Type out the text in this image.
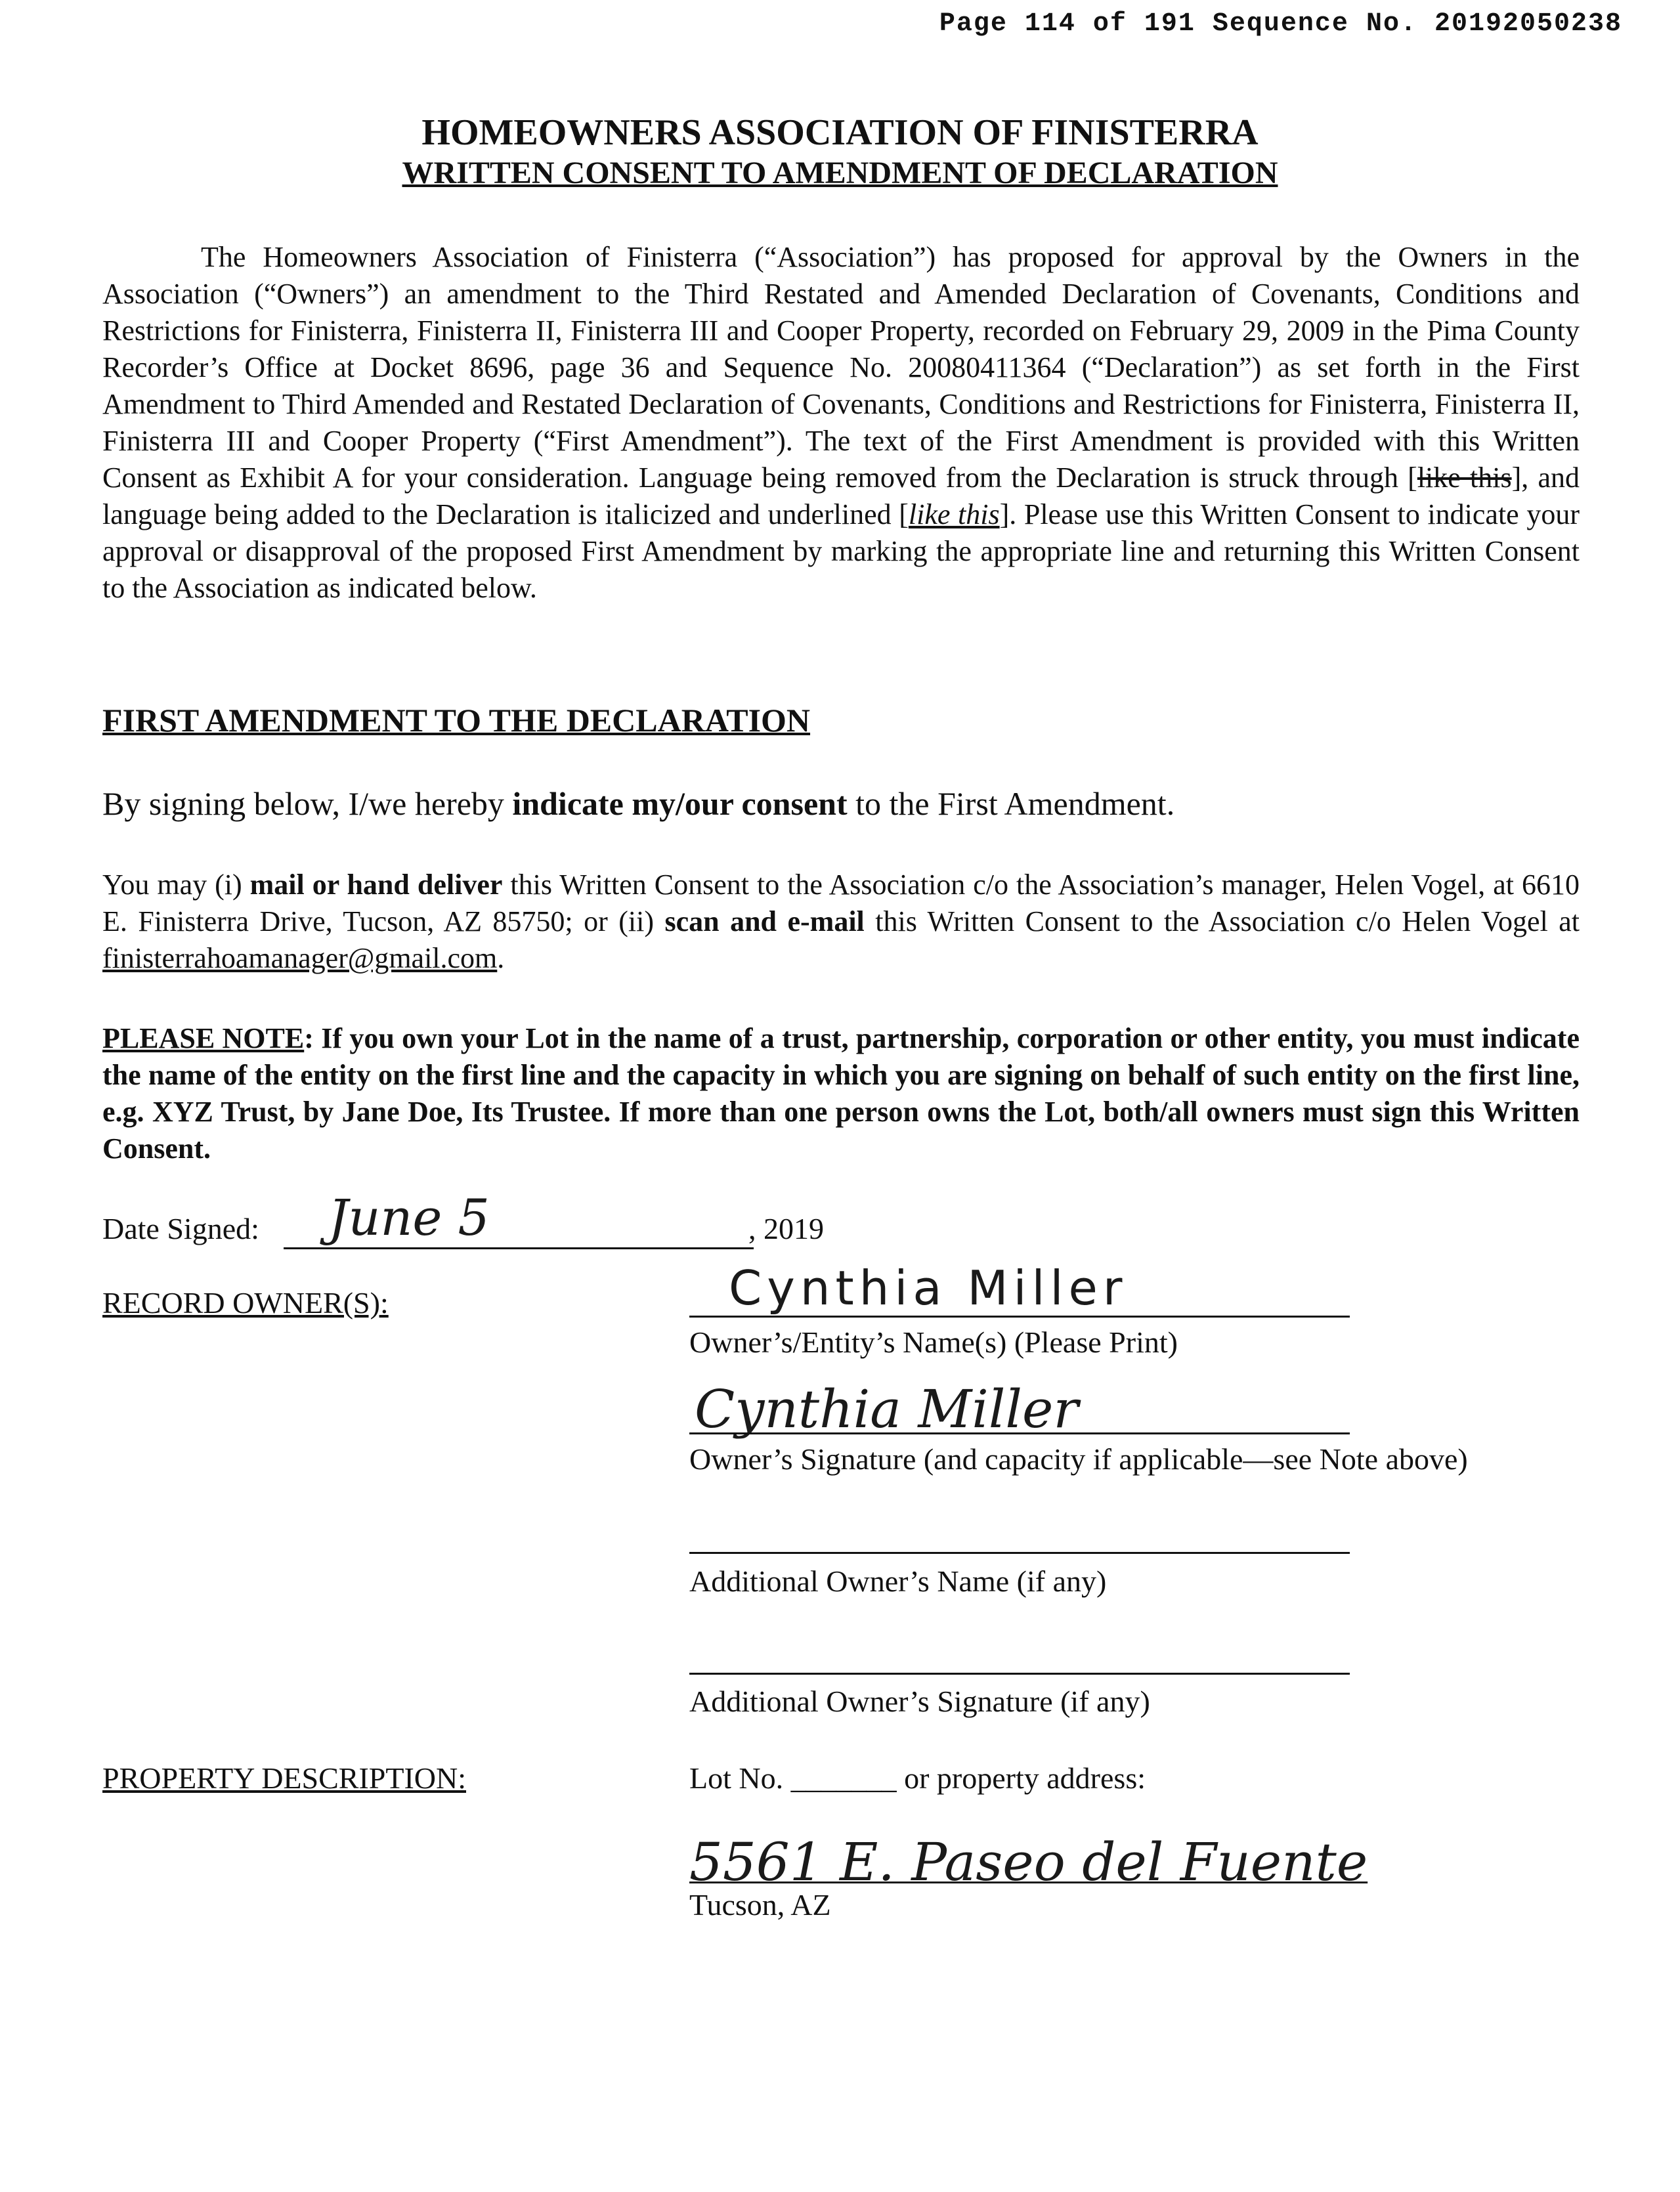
Page 114 of 191 Sequence No. 20192050238
HOMEOWNERS ASSOCIATION OF FINISTERRA
WRITTEN CONSENT TO AMENDMENT OF DECLARATION
The Homeowners Association of Finisterra (“Association”) has proposed for approval by the Owners in the Association (“Owners”) an amendment to the Third Restated and Amended Declaration of Covenants, Conditions and Restrictions for Finisterra, Finisterra II, Finisterra III and Cooper Property, recorded on February 29, 2009 in the Pima County Recorder’s Office at Docket 8696, page 36 and Sequence No. 20080411364 (“Declaration”) as set forth in the First Amendment to Third Amended and Restated Declaration of Covenants, Conditions and Restrictions for Finisterra, Finisterra II, Finisterra III and Cooper Property (“First Amendment”). The text of the First Amendment is provided with this Written Consent as Exhibit A for your consideration. Language being removed from the Declaration is struck through [like this], and language being added to the Declaration is italicized and underlined [like this]. Please use this Written Consent to indicate your approval or disapproval of the proposed First Amendment by marking the appropriate line and returning this Written Consent to the Association as indicated below.
FIRST AMENDMENT TO THE DECLARATION
By signing below, I/we hereby indicate my/our consent to the First Amendment.
You may (i) mail or hand deliver this Written Consent to the Association c/o the Association’s manager, Helen Vogel, at 6610 E. Finisterra Drive, Tucson, AZ 85750; or (ii) scan and e-mail this Written Consent to the Association c/o Helen Vogel at finisterrahoamanager@gmail.com.
PLEASE NOTE: If you own your Lot in the name of a trust, partnership, corporation or other entity, you must indicate the name of the entity on the first line and the capacity in which you are signing on behalf of such entity on the first line, e.g. XYZ Trust, by Jane Doe, Its Trustee. If more than one person owns the Lot, both/all owners must sign this Written Consent.
Date Signed: June 5	, 2019
RECORD OWNER(S):	Cynthia Miller
Owner’s/Entity’s Name(s) (Please Print)
Cynthia Miller
Owner’s Signature (and capacity if applicable—see Note above)
Additional Owner’s Name (if any)
Additional Owner’s Signature (if any)
PROPERTY DESCRIPTION:	Lot No. _______ or property address:
5561 E. Paseo del Fuente
Tucson, AZ
